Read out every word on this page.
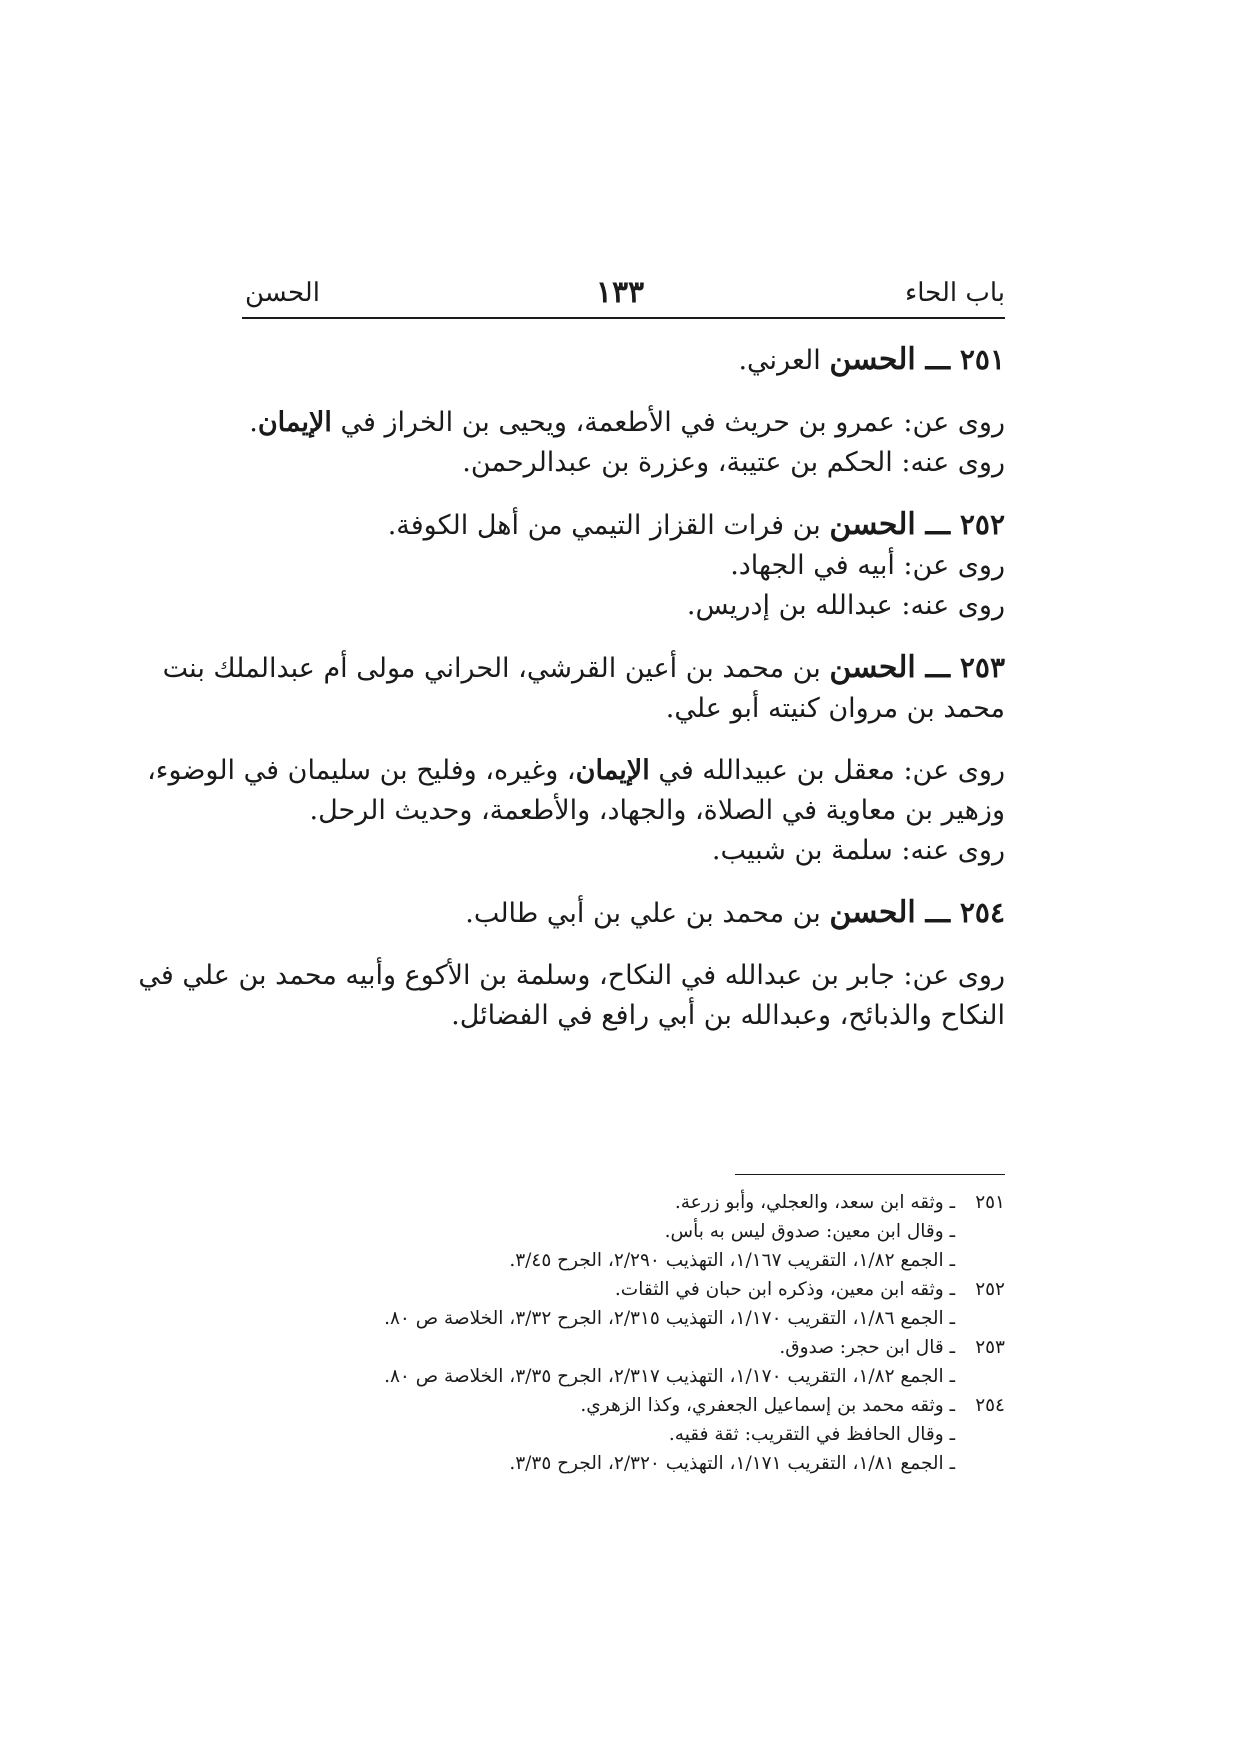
باب الحاء
١٣٣
الحسن

٢٥١ ـــ الحسن العرني.

روى عن: عمرو بن حريث في الأطعمة، ويحيى بن الخراز في الإيمان.

روى عنه: الحكم بن عتيبة، وعزرة بن عبدالرحمن.

٢٥٢ ـــ الحسن بن فرات القزاز التيمي من أهل الكوفة.

روى عن: أبيه في الجهاد.

روى عنه: عبدالله بن إدريس.

٢٥٣ ـــ الحسن بن محمد بن أعين القرشي، الحراني مولى أم عبدالملك بنت

محمد بن مروان كنيته أبو علي.

روى عن: معقل بن عبيدالله في الإيمان، وغيره، وفليح بن سليمان في الوضوء،

وزهير بن معاوية في الصلاة، والجهاد، والأطعمة، وحديث الرحل.

روى عنه: سلمة بن شبيب.

٢٥٤ ـــ الحسن بن محمد بن علي بن أبي طالب.

روى عن: جابر بن عبدالله في النكاح، وسلمة بن الأكوع وأبيه محمد بن علي في

النكاح والذبائح، وعبدالله بن أبي رافع في الفضائل.

٢٥١ـ وثقه ابن سعد، والعجلي، وأبو زرعة.

ـ وقال ابن معين: صدوق ليس به بأس.

ـ الجمع ١/٨٢، التقريب ١/١٦٧، التهذيب ٢/٢٩٠، الجرح ٣/٤٥.

٢٥٢ـ وثقه ابن معين، وذكره ابن حبان في الثقات.

ـ الجمع ١/٨٦، التقريب ١/١٧٠، التهذيب ٢/٣١٥، الجرح ٣/٣٢، الخلاصة ص ٨٠.

٢٥٣ـ قال ابن حجر: صدوق.

ـ الجمع ١/٨٢، التقريب ١/١٧٠، التهذيب ٢/٣١٧، الجرح ٣/٣٥، الخلاصة ص ٨٠.

٢٥٤ـ وثقه محمد بن إسماعيل الجعفري، وكذا الزهري.

ـ وقال الحافظ في التقريب: ثقة فقيه.

ـ الجمع ١/٨١، التقريب ١/١٧١، التهذيب ٢/٣٢٠، الجرح ٣/٣٥.
